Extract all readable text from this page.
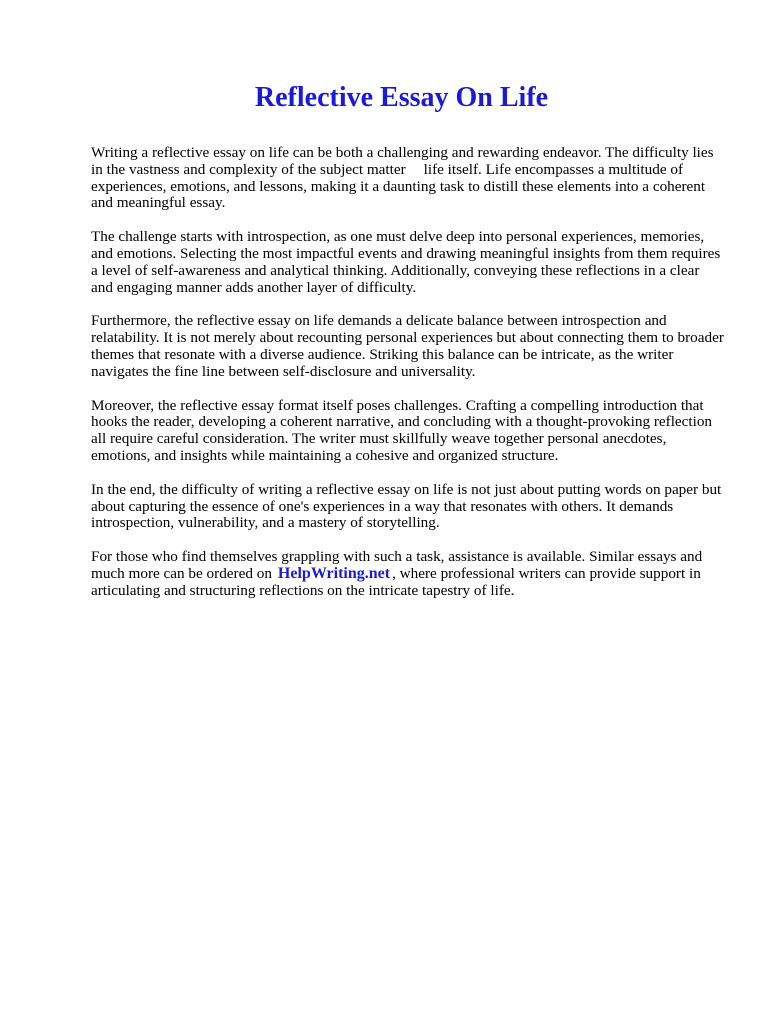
Reflective Essay On Life

Writing a reflective essay on life can be both a challenging and rewarding endeavor. The difficulty lies in the vastness and complexity of the subject matter life itself. Life encompasses a multitude of experiences, emotions, and lessons, making it a daunting task to distill these elements into a coherent and meaningful essay.

The challenge starts with introspection, as one must delve deep into personal experiences, memories, and emotions. Selecting the most impactful events and drawing meaningful insights from them requires a level of self-awareness and analytical thinking. Additionally, conveying these reflections in a clear and engaging manner adds another layer of difficulty.

Furthermore, the reflective essay on life demands a delicate balance between introspection and relatability. It is not merely about recounting personal experiences but about connecting them to broader themes that resonate with a diverse audience. Striking this balance can be intricate, as the writer navigates the fine line between self-disclosure and universality.

Moreover, the reflective essay format itself poses challenges. Crafting a compelling introduction that hooks the reader, developing a coherent narrative, and concluding with a thought-provoking reflection all require careful consideration. The writer must skillfully weave together personal anecdotes, emotions, and insights while maintaining a cohesive and organized structure.

In the end, the difficulty of writing a reflective essay on life is not just about putting words on paper but about capturing the essence of one's experiences in a way that resonates with others. It demands introspection, vulnerability, and a mastery of storytelling.

For those who find themselves grappling with such a task, assistance is available. Similar essays and much more can be ordered on HelpWriting.net , where professional writers can provide support in articulating and structuring reflections on the intricate tapestry of life.
